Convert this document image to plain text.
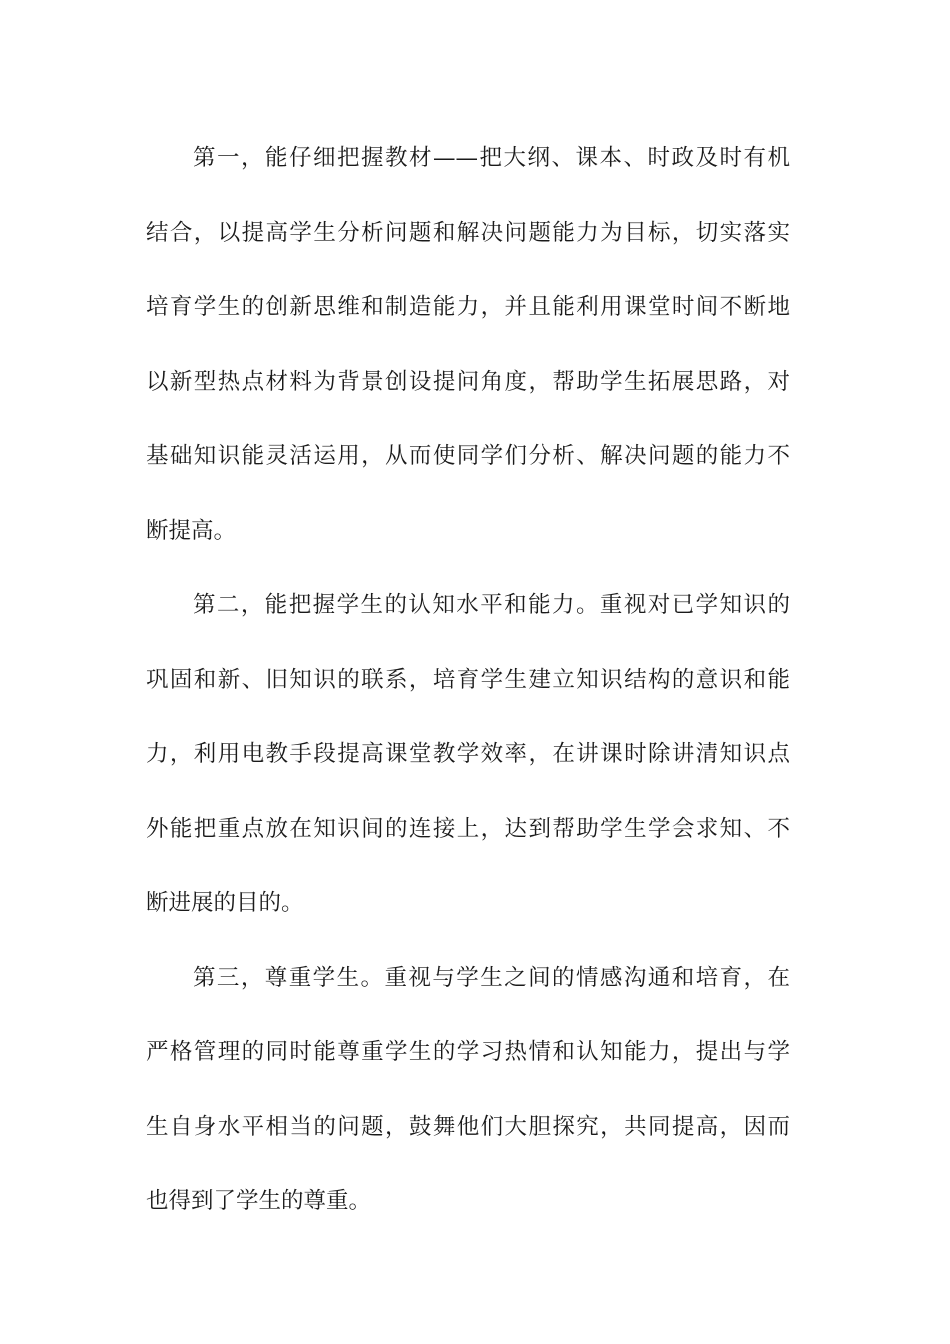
第一，能仔细把握教材——把大纲、课本、时政及时有机
结合，以提高学生分析问题和解决问题能力为目标，切实落实
培育学生的创新思维和制造能力，并且能利用课堂时间不断地
以新型热点材料为背景创设提问角度，帮助学生拓展思路，对
基础知识能灵活运用，从而使同学们分析、解决问题的能力不
断提高。
第二，能把握学生的认知水平和能力。重视对已学知识的
巩固和新、旧知识的联系，培育学生建立知识结构的意识和能
力，利用电教手段提高课堂教学效率，在讲课时除讲清知识点
外能把重点放在知识间的连接上，达到帮助学生学会求知、不
断进展的目的。
第三，尊重学生。重视与学生之间的情感沟通和培育，在
严格管理的同时能尊重学生的学习热情和认知能力，提出与学
生自身水平相当的问题，鼓舞他们大胆探究，共同提高，因而
也得到了学生的尊重。
